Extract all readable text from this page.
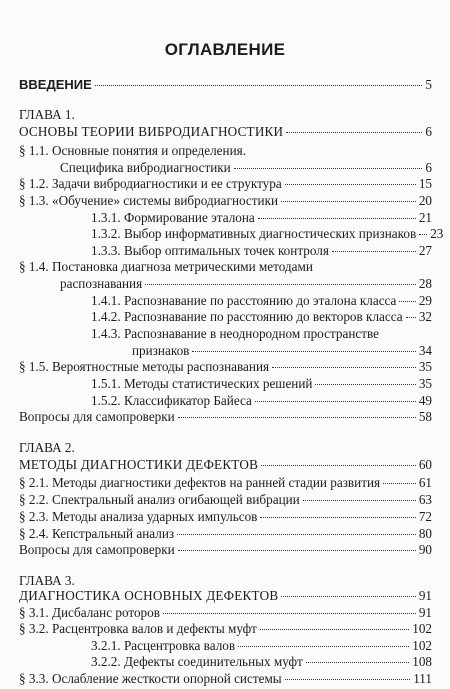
ОГЛАВЛЕНИЕ
ВВЕДЕНИЕ	5
ГЛАВА 1.
ОСНОВЫ ТЕОРИИ ВИБРОДИАГНОСТИКИ	6
§ 1.1. Основные понятия и определения.
Специфика вибродиагностики	6
§ 1.2. Задачи вибродиагностики и ее структура	15
§ 1.3. «Обучение» системы вибродиагностики	20
1.3.1. Формирование эталона	21
1.3.2. Выбор информативных диагностических признаков 23
1.3.3. Выбор оптимальных точек контроля	27
§ 1.4. Постановка диагноза метрическими методами
распознавания	28
1.4.1. Распознавание по расстоянию до эталона класса 29
1.4.2. Распознавание по расстоянию до векторов класса 32
1.4.3. Распознавание в неоднородном пространстве
признаков	34
§ 1.5. Вероятностные методы распознавания	35
1.5.1. Методы статистических решений	35
1.5.2. Классификатор Байеса	49
Вопросы для самопроверки	58
ГЛАВА 2.
МЕТОДЫ ДИАГНОСТИКИ ДЕФЕКТОВ	60
§ 2.1. Методы диагностики дефектов на ранней стадии развития	61
§ 2.2. Спектральный анализ огибающей вибрации	63
§ 2.3. Методы анализа ударных импульсов	72
§ 2.4. Кепстральный анализ	80
Вопросы для самопроверки	90
ГЛАВА 3.
ДИАГНОСТИКА ОСНОВНЫХ ДЕФЕКТОВ	91
§ 3.1. Дисбаланс роторов	91
§ 3.2. Расцентровка валов и дефекты муфт	102
3.2.1. Расцентровка валов	102
3.2.2. Дефекты соединительных муфт	108
§ 3.3. Ослабление жесткости опорной системы	111
